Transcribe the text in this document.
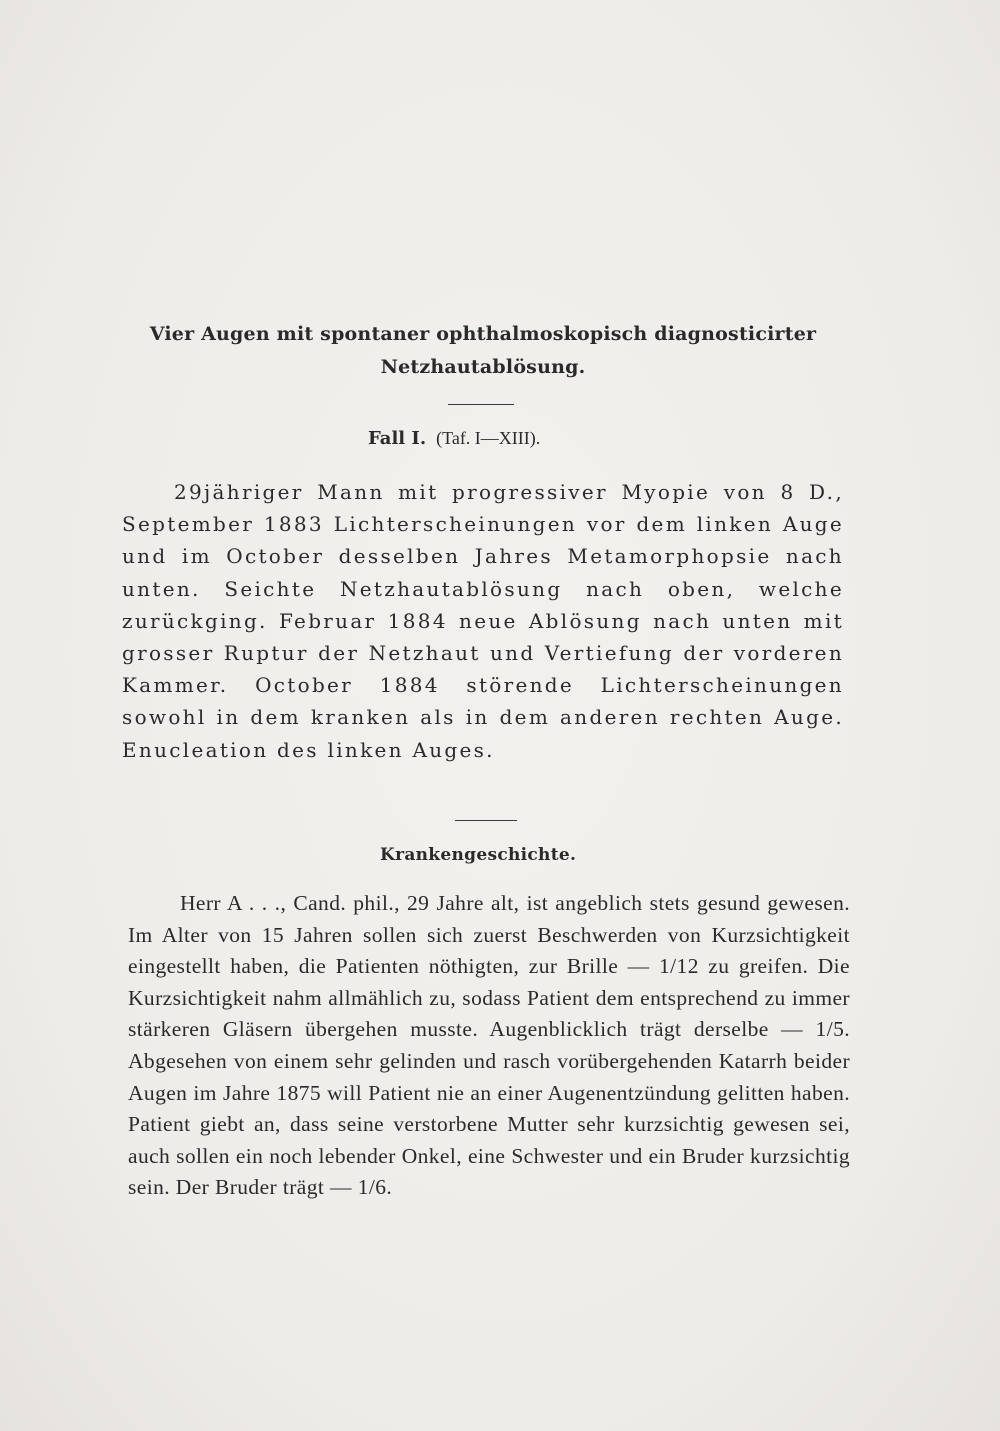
Vier Augen mit spontaner ophthalmoskopisch diagnosticirter
Netzhautablösung.
Fall I. (Taf. I—XIII).

29jähriger Mann mit progressiver Myopie von 8 D., September 1883 Lichterscheinungen vor dem linken Auge und im October desselben Jahres Metamorphopsie nach unten. Seichte Netzhautablösung nach oben, welche zurückging. Februar 1884 neue Ablösung nach unten mit grosser Ruptur der Netzhaut und Vertiefung der vorderen Kammer. October 1884 störende Lichterscheinungen sowohl in dem kranken als in dem anderen rechten Auge. Enucleation des linken Auges.

Krankengeschichte.

Herr A . . ., Cand. phil., 29 Jahre alt, ist angeblich stets gesund gewesen. Im Alter von 15 Jahren sollen sich zuerst Beschwerden von Kurzsichtigkeit eingestellt haben, die Patienten nöthigten, zur Brille — 1/12 zu greifen. Die Kurzsichtigkeit nahm allmählich zu, sodass Patient dem entsprechend zu immer stärkeren Gläsern übergehen musste. Augenblicklich trägt derselbe — 1/5. Abgesehen von einem sehr gelinden und rasch vorübergehenden Katarrh beider Augen im Jahre 1875 will Patient nie an einer Augenentzündung gelitten haben. Patient giebt an, dass seine verstorbene Mutter sehr kurzsichtig gewesen sei, auch sollen ein noch lebender Onkel, eine Schwester und ein Bruder kurzsichtig sein. Der Bruder trägt — 1/6.
